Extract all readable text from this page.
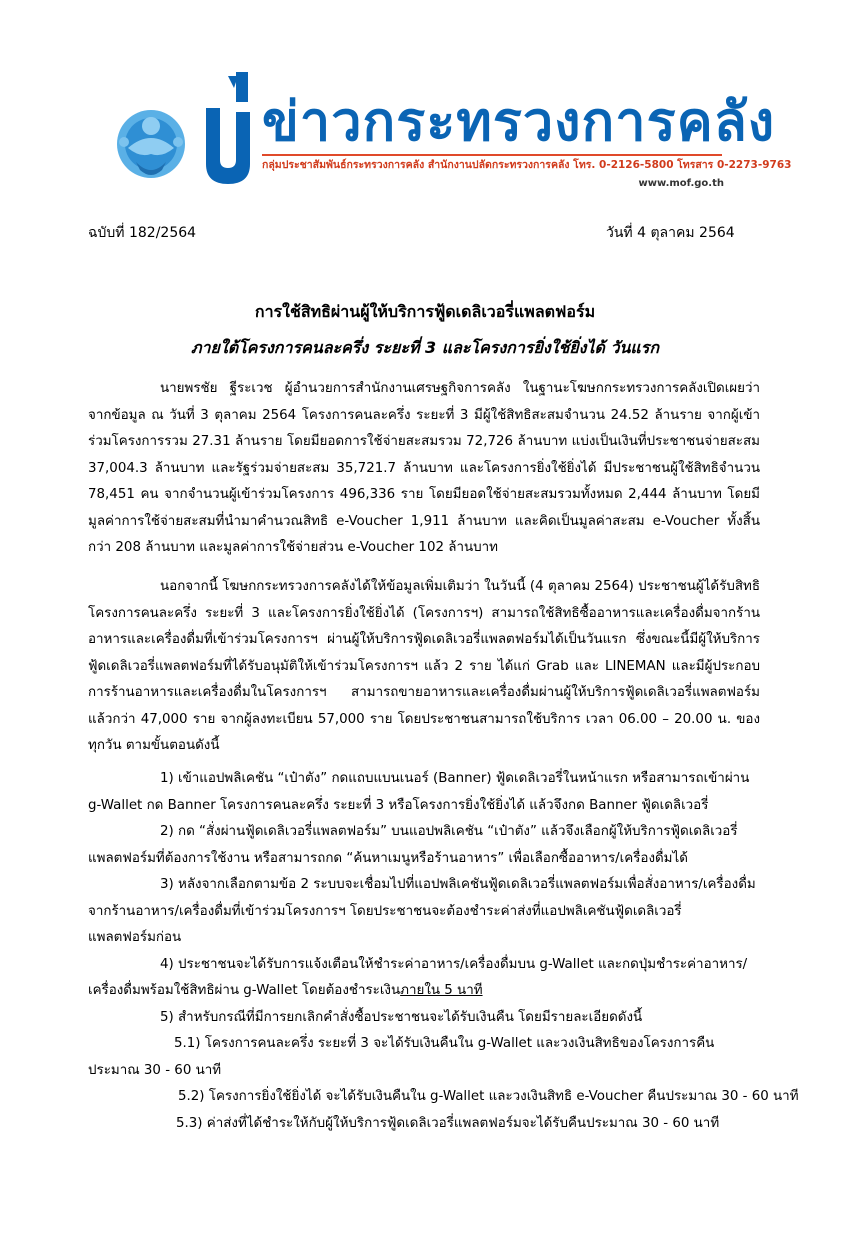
ข่าวกระทรวงการคลัง
กลุ่มประชาสัมพันธ์กระทรวงการคลัง สำนักงานปลัดกระทรวงการคลัง โทร. 0-2126-5800 โทรสาร 0-2273-9763
www.mof.go.th
ฉบับที่ 182/2564	วันที่ 4 ตุลาคม 2564
การใช้สิทธิผ่านผู้ให้บริการฟู้ดเดลิเวอรี่แพลตฟอร์ม
ภายใต้โครงการคนละครึ่ง ระยะที่ 3 และโครงการยิ่งใช้ยิ่งได้ วันแรก

นายพรชัย ฐีระเวช ผู้อำนวยการสำนักงานเศรษฐกิจการคลัง ในฐานะโฆษกกระทรวงการคลังเปิดเผยว่า จากข้อมูล ณ วันที่ 3 ตุลาคม 2564 โครงการคนละครึ่ง ระยะที่ 3 มีผู้ใช้สิทธิสะสมจำนวน 24.52 ล้านราย จากผู้เข้าร่วมโครงการรวม 27.31 ล้านราย โดยมียอดการใช้จ่ายสะสมรวม 72,726 ล้านบาท แบ่งเป็นเงินที่ประชาชนจ่ายสะสม 37,004.3 ล้านบาท และรัฐร่วมจ่ายสะสม 35,721.7 ล้านบาท และโครงการยิ่งใช้ยิ่งได้ มีประชาชนผู้ใช้สิทธิจำนวน 78,451 คน จากจำนวนผู้เข้าร่วมโครงการ 496,336 ราย โดยมียอดใช้จ่ายสะสมรวมทั้งหมด 2,444 ล้านบาท โดยมีมูลค่าการใช้จ่ายสะสมที่นำมาคำนวณสิทธิ e-Voucher 1,911 ล้านบาท และคิดเป็นมูลค่าสะสม e-Voucher ทั้งสิ้นกว่า 208 ล้านบาท และมูลค่าการใช้จ่ายส่วน e-Voucher 102 ล้านบาท

นอกจากนี้ โฆษกกระทรวงการคลังได้ให้ข้อมูลเพิ่มเติมว่า ในวันนี้ (4 ตุลาคม 2564) ประชาชนผู้ได้รับสิทธิโครงการคนละครึ่ง ระยะที่ 3 และโครงการยิ่งใช้ยิ่งได้ (โครงการฯ) สามารถใช้สิทธิซื้ออาหารและเครื่องดื่มจากร้านอาหารและเครื่องดื่มที่เข้าร่วมโครงการฯ ผ่านผู้ให้บริการฟู้ดเดลิเวอรี่แพลตฟอร์มได้เป็นวันแรก ซึ่งขณะนี้มีผู้ให้บริการฟู้ดเดลิเวอรี่แพลตฟอร์มที่ได้รับอนุมัติให้เข้าร่วมโครงการฯ แล้ว 2 ราย ได้แก่ Grab และ LINEMAN และมีผู้ประกอบการร้านอาหารและเครื่องดื่มในโครงการฯ สามารถขายอาหารและเครื่องดื่มผ่านผู้ให้บริการฟู้ดเดลิเวอรี่แพลตฟอร์มแล้วกว่า 47,000 ราย จากผู้ลงทะเบียน 57,000 ราย โดยประชาชนสามารถใช้บริการ เวลา 06.00 – 20.00 น. ของทุกวัน ตามขั้นตอนดังนี้

1) เข้าแอปพลิเคชัน “เป๋าตัง” กดแถบแบนเนอร์ (Banner) ฟู้ดเดลิเวอรี่ในหน้าแรก หรือสามารถเข้าผ่าน
g-Wallet กด Banner โครงการคนละครึ่ง ระยะที่ 3 หรือโครงการยิ่งใช้ยิ่งได้ แล้วจึงกด Banner ฟู้ดเดลิเวอรี่
2) กด “สั่งผ่านฟู้ดเดลิเวอรี่แพลตฟอร์ม” บนแอปพลิเคชัน “เป๋าตัง” แล้วจึงเลือกผู้ให้บริการฟู้ดเดลิเวอรี่
แพลตฟอร์มที่ต้องการใช้งาน หรือสามารถกด “ค้นหาเมนูหรือร้านอาหาร” เพื่อเลือกซื้ออาหาร/เครื่องดื่มได้
3) หลังจากเลือกตามข้อ 2 ระบบจะเชื่อมไปที่แอปพลิเคชันฟู้ดเดลิเวอรี่แพลตฟอร์มเพื่อสั่งอาหาร/เครื่องดื่ม
จากร้านอาหาร/เครื่องดื่มที่เข้าร่วมโครงการฯ โดยประชาชนจะต้องชำระค่าส่งที่แอปพลิเคชันฟู้ดเดลิเวอรี่
แพลตฟอร์มก่อน
4) ประชาชนจะได้รับการแจ้งเตือนให้ชำระค่าอาหาร/เครื่องดื่มบน g-Wallet และกดปุ่มชำระค่าอาหาร/
เครื่องดื่มพร้อมใช้สิทธิผ่าน g-Wallet โดยต้องชำระเงินภายใน 5 นาที
5) สำหรับกรณีที่มีการยกเลิกคำสั่งซื้อประชาชนจะได้รับเงินคืน โดยมีรายละเอียดดังนี้
5.1) โครงการคนละครึ่ง ระยะที่ 3 จะได้รับเงินคืนใน g-Wallet และวงเงินสิทธิของโครงการคืน
ประมาณ 30 - 60 นาที
5.2) โครงการยิ่งใช้ยิ่งได้ จะได้รับเงินคืนใน g-Wallet และวงเงินสิทธิ e-Voucher คืนประมาณ 30 - 60 นาที
5.3) ค่าส่งที่ได้ชำระให้กับผู้ให้บริการฟู้ดเดลิเวอรี่แพลตฟอร์มจะได้รับคืนประมาณ 30 - 60 นาที
